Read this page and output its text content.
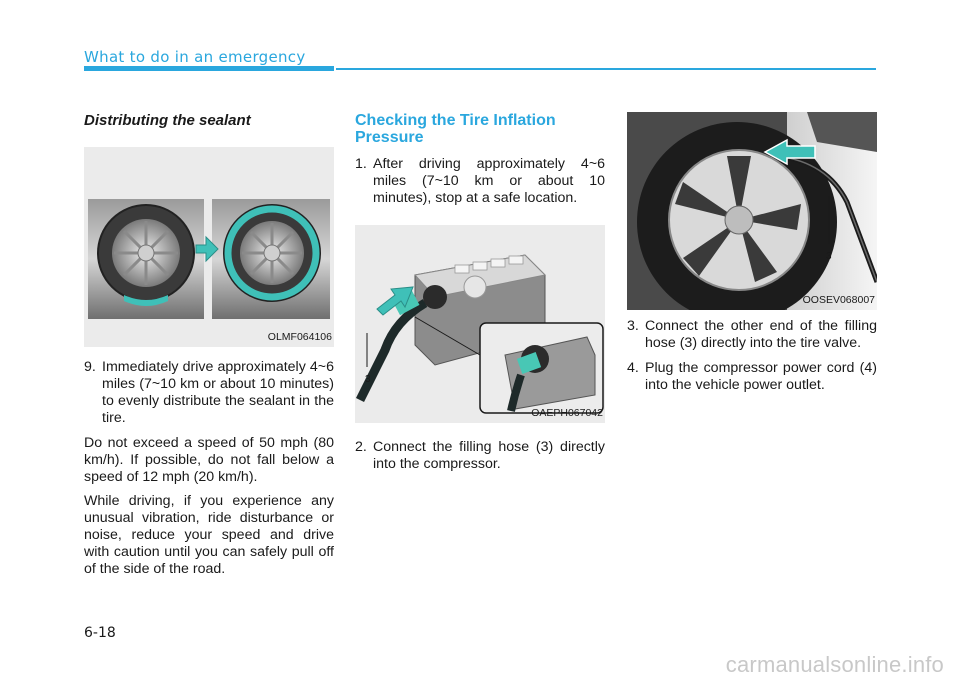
What to do in an emergency
Distributing the sealant
OLMF064106
9. Immediately drive approximately 4~6 miles (7~10 km or about 10 minutes) to evenly distribute the sealant in the tire.

Do not exceed a speed of 50 mph (80 km/h). If possible, do not fall below a speed of 12 mph (20 km/h).

While driving, if you experience any unusual vibration, ride disturbance or noise, reduce your speed and drive with caution until you can safely pull off of the side of the road.

Checking the Tire Inflation Pressure
1. After driving approximately 4~6 miles (7~10 km or about 10 minutes), stop at a safe location.
3
OAEPH067042
2. Connect the filling hose (3) directly into the compressor.
3
OOSEV068007
3. Connect the other end of the filling hose (3) directly into the tire valve.
4. Plug the compressor power cord (4) into the vehicle power outlet.
6-18
carmanualsonline.info
